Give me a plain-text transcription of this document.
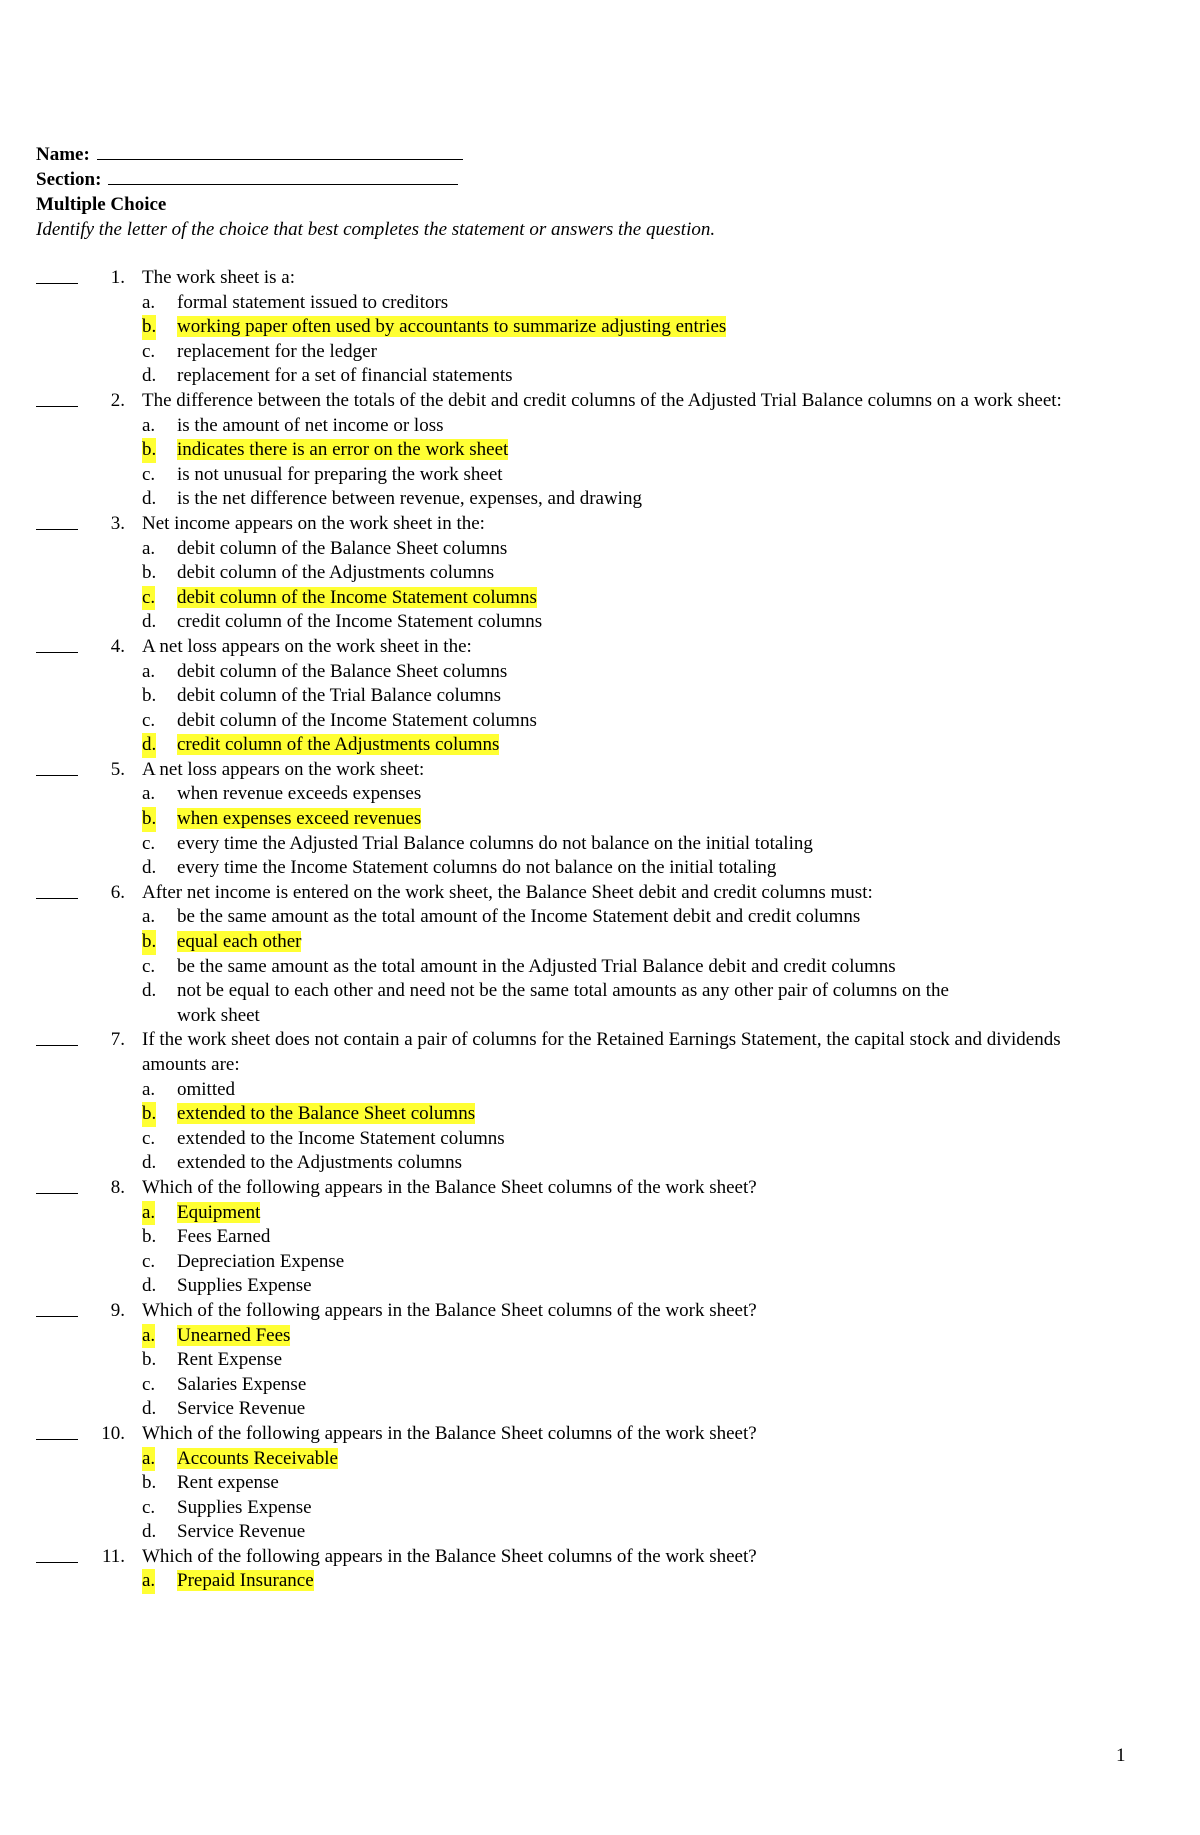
Name:
Section:
Multiple Choice
Identify the letter of the choice that best completes the statement or answers the question.
1. The work sheet is a:
a. formal statement issued to creditors
b. working paper often used by accountants to summarize adjusting entries
c. replacement for the ledger
d. replacement for a set of financial statements
2. The difference between the totals of the debit and credit columns of the Adjusted Trial Balance columns on a work sheet:
a. is the amount of net income or loss
b. indicates there is an error on the work sheet
c. is not unusual for preparing the work sheet
d. is the net difference between revenue, expenses, and drawing
3. Net income appears on the work sheet in the:
a. debit column of the Balance Sheet columns
b. debit column of the Adjustments columns
c. debit column of the Income Statement columns
d. credit column of the Income Statement columns
4. A net loss appears on the work sheet in the:
a. debit column of the Balance Sheet columns
b. debit column of the Trial Balance columns
c. debit column of the Income Statement columns
d. credit column of the Adjustments columns
5. A net loss appears on the work sheet:
a. when revenue exceeds expenses
b. when expenses exceed revenues
c. every time the Adjusted Trial Balance columns do not balance on the initial totaling
d. every time the Income Statement columns do not balance on the initial totaling
6. After net income is entered on the work sheet, the Balance Sheet debit and credit columns must:
a. be the same amount as the total amount of the Income Statement debit and credit columns
b. equal each other
c. be the same amount as the total amount in the Adjusted Trial Balance debit and credit columns
d. not be equal to each other and need not be the same total amounts as any other pair of columns on the work sheet
7. If the work sheet does not contain a pair of columns for the Retained Earnings Statement, the capital stock and dividends amounts are:
a. omitted
b. extended to the Balance Sheet columns
c. extended to the Income Statement columns
d. extended to the Adjustments columns
8. Which of the following appears in the Balance Sheet columns of the work sheet?
a. Equipment
b. Fees Earned
c. Depreciation Expense
d. Supplies Expense
9. Which of the following appears in the Balance Sheet columns of the work sheet?
a. Unearned Fees
b. Rent Expense
c. Salaries Expense
d. Service Revenue
10. Which of the following appears in the Balance Sheet columns of the work sheet?
a. Accounts Receivable
b. Rent expense
c. Supplies Expense
d. Service Revenue
11. Which of the following appears in the Balance Sheet columns of the work sheet?
a. Prepaid Insurance
1
